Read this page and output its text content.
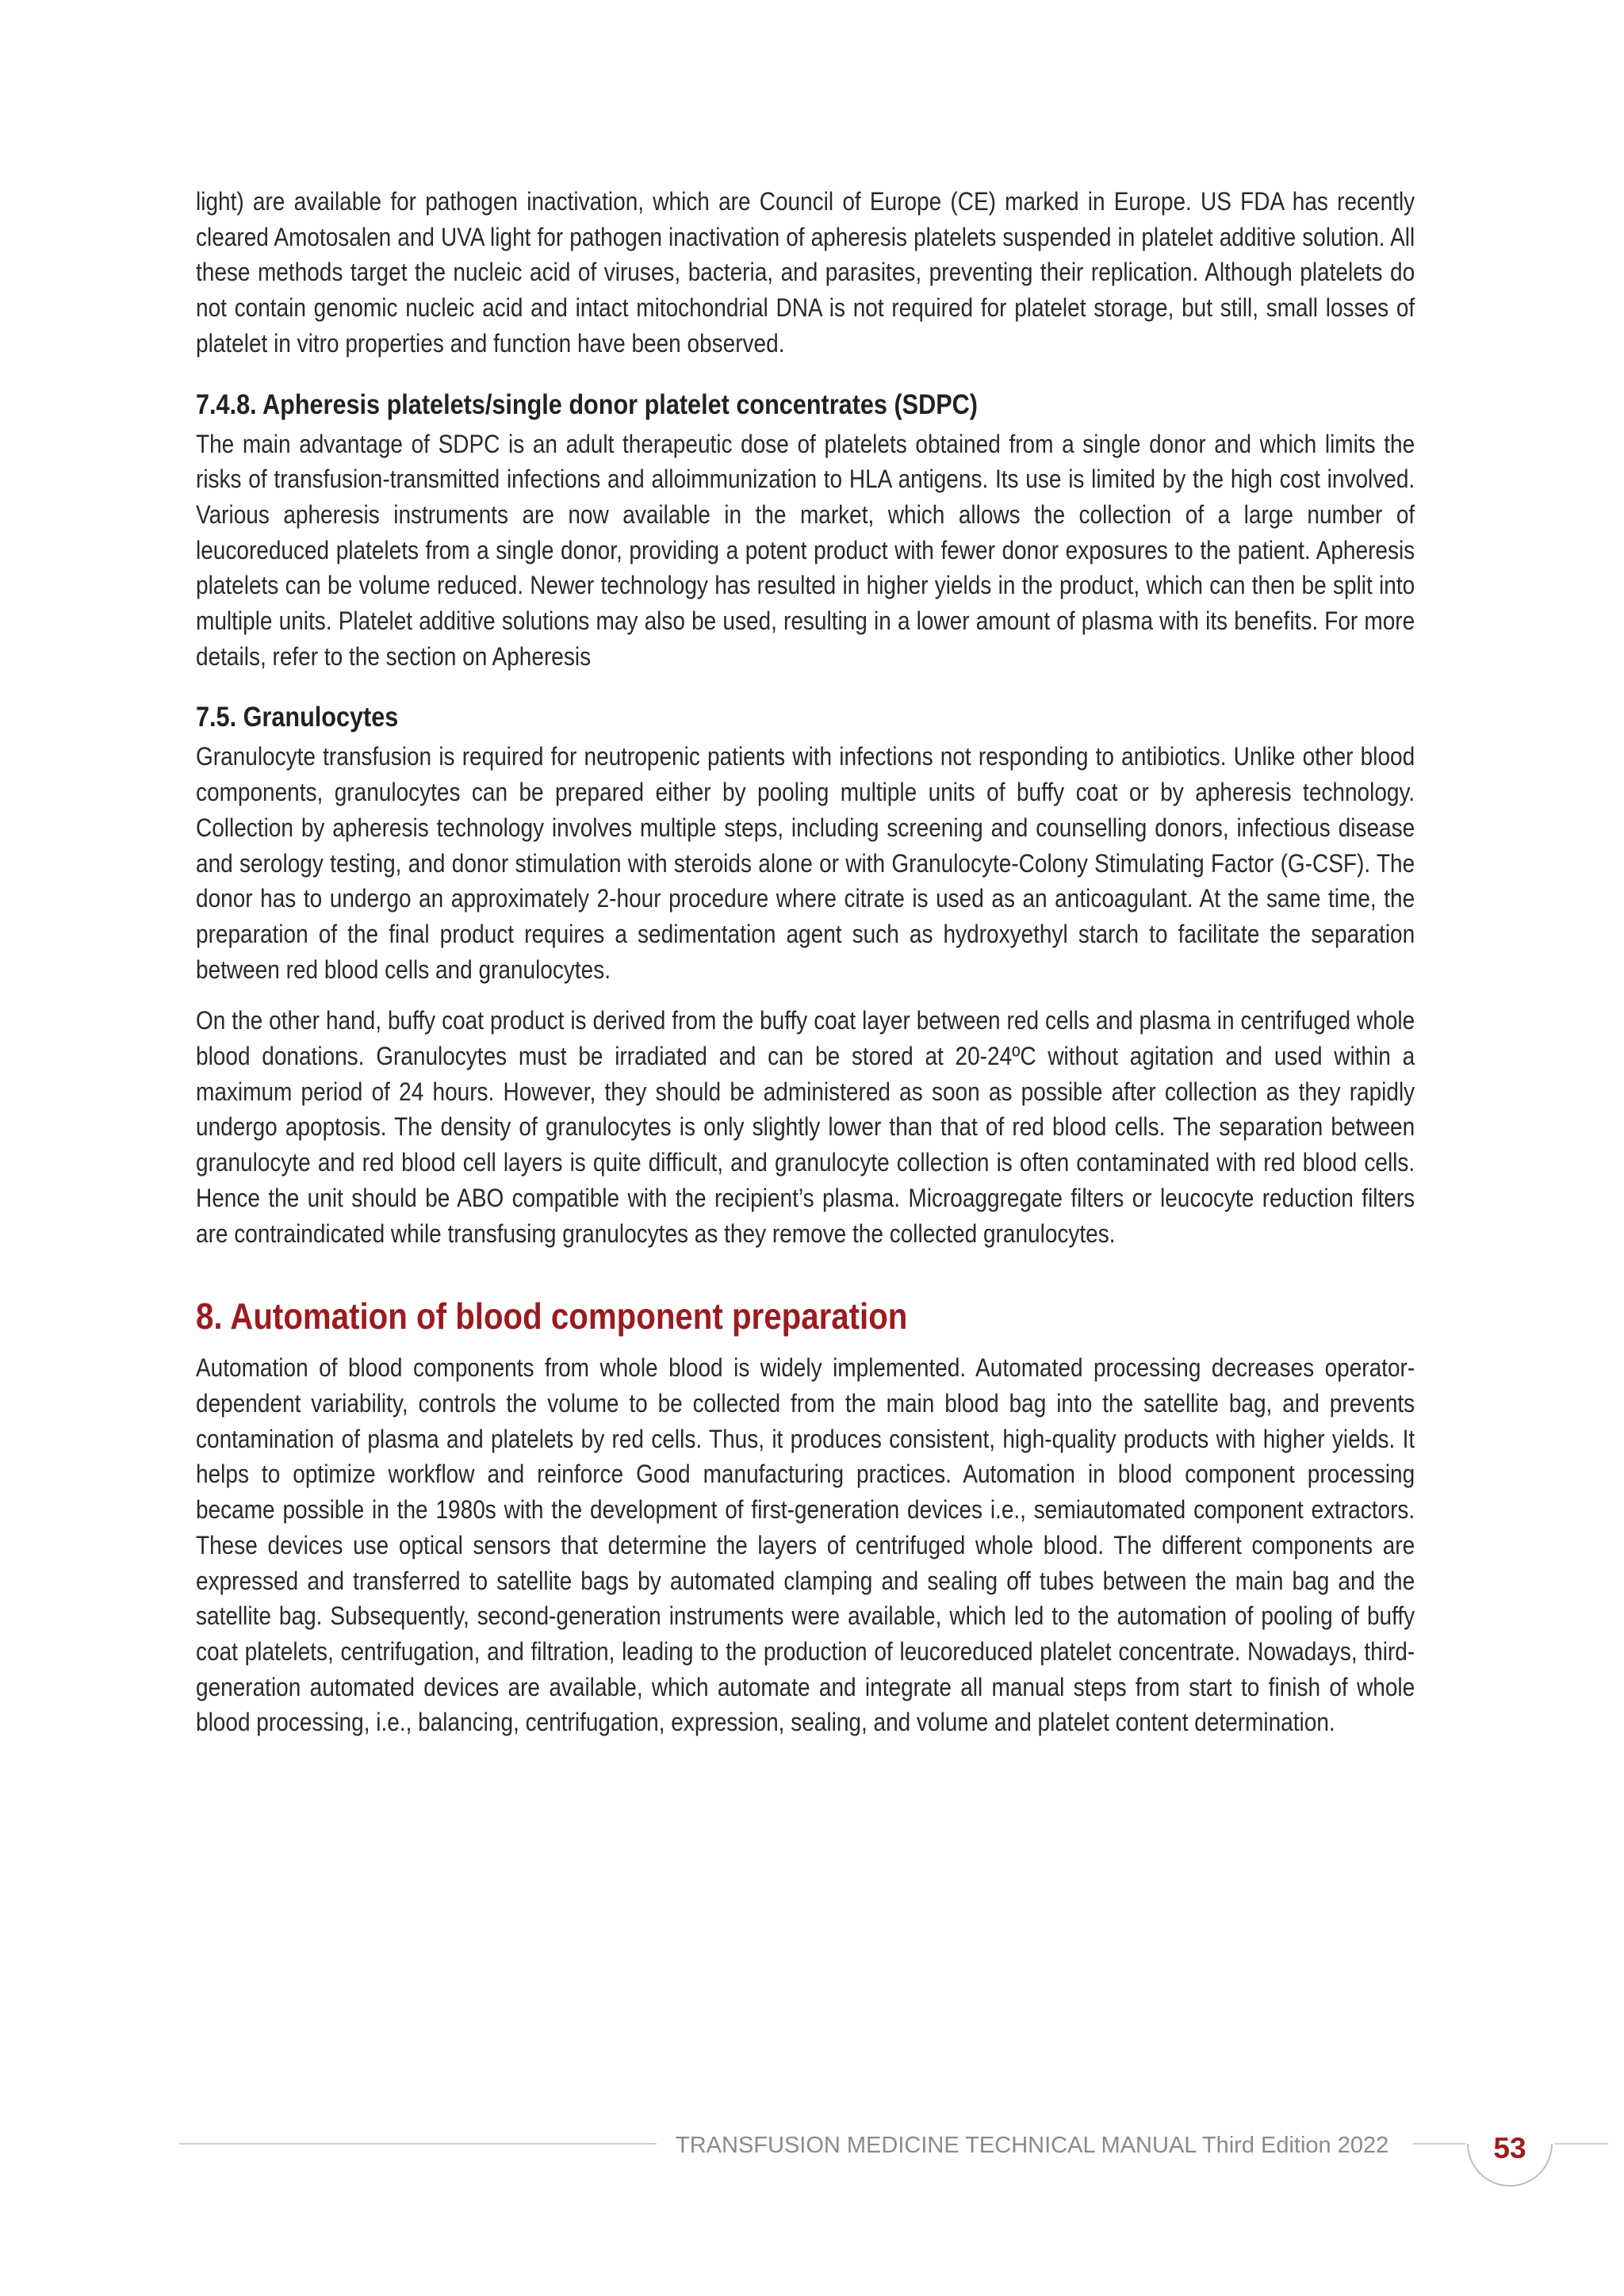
light) are available for pathogen inactivation, which are Council of Europe (CE) marked in Europe. US FDA has recently cleared Amotosalen and UVA light for pathogen inactivation of apheresis platelets suspended in platelet additive solution. All these methods target the nucleic acid of viruses, bacteria, and parasites, preventing their replication. Although platelets do not contain genomic nucleic acid and intact mitochondrial DNA is not required for platelet storage, but still, small losses of platelet in vitro properties and function have been observed.

7.4.8. Apheresis platelets/single donor platelet concentrates (SDPC)

The main advantage of SDPC is an adult therapeutic dose of platelets obtained from a single donor and which limits the risks of transfusion-transmitted infections and alloimmunization to HLA antigens. Its use is limited by the high cost involved. Various apheresis instruments are now available in the market, which allows the collection of a large number of leucoreduced platelets from a single donor, providing a potent product with fewer donor exposures to the patient. Apheresis platelets can be volume reduced. Newer technology has resulted in higher yields in the product, which can then be split into multiple units. Platelet additive solutions may also be used, resulting in a lower amount of plasma with its benefits. For more details, refer to the section on Apheresis

7.5. Granulocytes

Granulocyte transfusion is required for neutropenic patients with infections not responding to antibiotics. Unlike other blood components, granulocytes can be prepared either by pooling multiple units of buffy coat or by apheresis technology. Collection by apheresis technology involves multiple steps, including screening and counselling donors, infectious disease and serology testing, and donor stimulation with steroids alone or with Granulocyte-Colony Stimulating Factor (G-CSF). The donor has to undergo an approximately 2-hour procedure where citrate is used as an anticoagulant. At the same time, the preparation of the final product requires a sedimentation agent such as hydroxyethyl starch to facilitate the separation between red blood cells and granulocytes.

On the other hand, buffy coat product is derived from the buffy coat layer between red cells and plasma in centrifuged whole blood donations. Granulocytes must be irradiated and can be stored at 20-24ºC without agitation and used within a maximum period of 24 hours. However, they should be administered as soon as possible after collection as they rapidly undergo apoptosis. The density of granulocytes is only slightly lower than that of red blood cells. The separation between granulocyte and red blood cell layers is quite difficult, and granulocyte collection is often contaminated with red blood cells. Hence the unit should be ABO compatible with the recipient’s plasma. Microaggregate filters or leucocyte reduction filters are contraindicated while transfusing granulocytes as they remove the collected granulocytes.

8. Automation of blood component preparation

Automation of blood components from whole blood is widely implemented. Automated processing decreases operator-dependent variability, controls the volume to be collected from the main blood bag into the satellite bag, and prevents contamination of plasma and platelets by red cells. Thus, it produces consistent, high-quality products with higher yields. It helps to optimize workflow and reinforce Good manufacturing practices. Automation in blood component processing became possible in the 1980s with the development of first-generation devices i.e., semiautomated component extractors. These devices use optical sensors that determine the layers of centrifuged whole blood. The different components are expressed and transferred to satellite bags by automated clamping and sealing off tubes between the main bag and the satellite bag. Subsequently, second-generation instruments were available, which led to the automation of pooling of buffy coat platelets, centrifugation, and filtration, leading to the production of leucoreduced platelet concentrate. Nowadays, third-generation automated devices are available, which automate and integrate all manual steps from start to finish of whole blood processing, i.e., balancing, centrifugation, expression, sealing, and volume and platelet content determination.

TRANSFUSION MEDICINE TECHNICAL MANUAL Third Edition 2022	53
